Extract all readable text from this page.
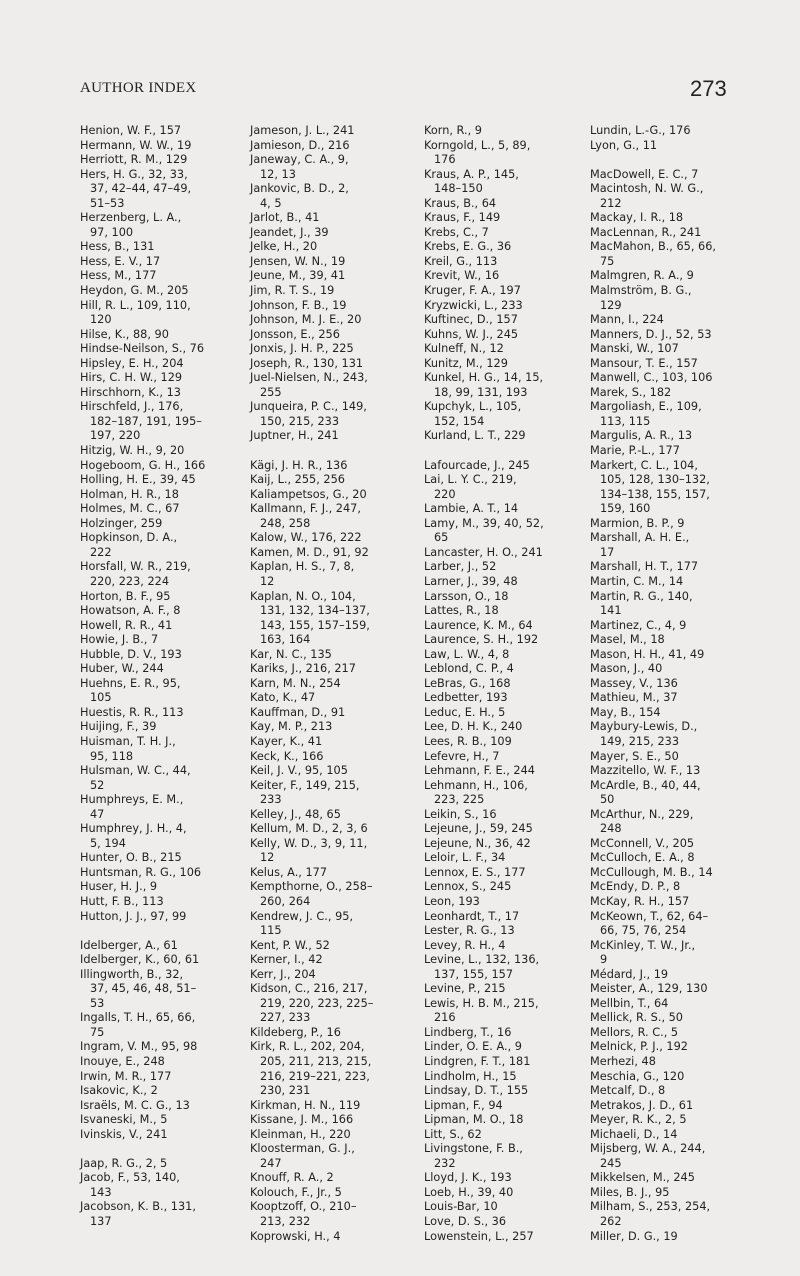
AUTHOR INDEX	273
Henion, W. F., 157
Hermann, W. W., 19
Herriott, R. M., 129
Hers, H. G., 32, 33,
37, 42–44, 47–49,
51–53
Herzenberg, L. A.,
97, 100
Hess, B., 131
Hess, E. V., 17
Hess, M., 177
Heydon, G. M., 205
Hill, R. L., 109, 110,
120
Hilse, K., 88, 90
Hindse-Neilson, S., 76
Hipsley, E. H., 204
Hirs, C. H. W., 129
Hirschhorn, K., 13
Hirschfeld, J., 176,
182–187, 191, 195–
197, 220
Hitzig, W. H., 9, 20
Hogeboom, G. H., 166
Holling, H. E., 39, 45
Holman, H. R., 18
Holmes, M. C., 67
Holzinger, 259
Hopkinson, D. A.,
222
Horsfall, W. R., 219,
220, 223, 224
Horton, B. F., 95
Howatson, A. F., 8
Howell, R. R., 41
Howie, J. B., 7
Hubble, D. V., 193
Huber, W., 244
Huehns, E. R., 95,
105
Huestis, R. R., 113
Huijing, F., 39
Huisman, T. H. J.,
95, 118
Hulsman, W. C., 44,
52
Humphreys, E. M.,
47
Humphrey, J. H., 4,
5, 194
Hunter, O. B., 215
Huntsman, R. G., 106
Huser, H. J., 9
Hutt, F. B., 113
Hutton, J. J., 97, 99
Idelberger, A., 61
Idelberger, K., 60, 61
Illingworth, B., 32,
37, 45, 46, 48, 51–
53
Ingalls, T. H., 65, 66,
75
Ingram, V. M., 95, 98
Inouye, E., 248
Irwin, M. R., 177
Isakovic, K., 2
Israëls, M. C. G., 13
Isvaneski, M., 5
Ivinskis, V., 241
Jaap, R. G., 2, 5
Jacob, F., 53, 140,
143
Jacobson, K. B., 131,
137
Jameson, J. L., 241
Jamieson, D., 216
Janeway, C. A., 9,
12, 13
Jankovic, B. D., 2,
4, 5
Jarlot, B., 41
Jeandet, J., 39
Jelke, H., 20
Jensen, W. N., 19
Jeune, M., 39, 41
Jim, R. T. S., 19
Johnson, F. B., 19
Johnson, M. J. E., 20
Jonsson, E., 256
Jonxis, J. H. P., 225
Joseph, R., 130, 131
Juel-Nielsen, N., 243,
255
Junqueira, P. C., 149,
150, 215, 233
Juptner, H., 241
Kägi, J. H. R., 136
Kaij, L., 255, 256
Kaliampetsos, G., 20
Kallmann, F. J., 247,
248, 258
Kalow, W., 176, 222
Kamen, M. D., 91, 92
Kaplan, H. S., 7, 8,
12
Kaplan, N. O., 104,
131, 132, 134–137,
143, 155, 157–159,
163, 164
Kar, N. C., 135
Kariks, J., 216, 217
Karn, M. N., 254
Kato, K., 47
Kauffman, D., 91
Kay, M. P., 213
Kayer, K., 41
Keck, K., 166
Keil, J. V., 95, 105
Keiter, F., 149, 215,
233
Kelley, J., 48, 65
Kellum, M. D., 2, 3, 6
Kelly, W. D., 3, 9, 11,
12
Kelus, A., 177
Kempthorne, O., 258–
260, 264
Kendrew, J. C., 95,
115
Kent, P. W., 52
Kerner, I., 42
Kerr, J., 204
Kidson, C., 216, 217,
219, 220, 223, 225–
227, 233
Kildeberg, P., 16
Kirk, R. L., 202, 204,
205, 211, 213, 215,
216, 219–221, 223,
230, 231
Kirkman, H. N., 119
Kissane, J. M., 166
Kleinman, H., 220
Kloosterman, G. J.,
247
Knouff, R. A., 2
Kolouch, F., Jr., 5
Kooptzoff, O., 210–
213, 232
Koprowski, H., 4
Korn, R., 9
Korngold, L., 5, 89,
176
Kraus, A. P., 145,
148–150
Kraus, B., 64
Kraus, F., 149
Krebs, C., 7
Krebs, E. G., 36
Kreil, G., 113
Krevit, W., 16
Kruger, F. A., 197
Kryzwicki, L., 233
Kuftinec, D., 157
Kuhns, W. J., 245
Kulneff, N., 12
Kunitz, M., 129
Kunkel, H. G., 14, 15,
18, 99, 131, 193
Kupchyk, L., 105,
152, 154
Kurland, L. T., 229
Lafourcade, J., 245
Lai, L. Y. C., 219,
220
Lambie, A. T., 14
Lamy, M., 39, 40, 52,
65
Lancaster, H. O., 241
Larber, J., 52
Larner, J., 39, 48
Larsson, O., 18
Lattes, R., 18
Laurence, K. M., 64
Laurence, S. H., 192
Law, L. W., 4, 8
Leblond, C. P., 4
LeBras, G., 168
Ledbetter, 193
Leduc, E. H., 5
Lee, D. H. K., 240
Lees, R. B., 109
Lefevre, H., 7
Lehmann, F. E., 244
Lehmann, H., 106,
223, 225
Leikin, S., 16
Lejeune, J., 59, 245
Lejeune, N., 36, 42
Leloir, L. F., 34
Lennox, E. S., 177
Lennox, S., 245
Leon, 193
Leonhardt, T., 17
Lester, R. G., 13
Levey, R. H., 4
Levine, L., 132, 136,
137, 155, 157
Levine, P., 215
Lewis, H. B. M., 215,
216
Lindberg, T., 16
Linder, O. E. A., 9
Lindgren, F. T., 181
Lindholm, H., 15
Lindsay, D. T., 155
Lipman, F., 94
Lipman, M. O., 18
Litt, S., 62
Livingstone, F. B.,
232
Lloyd, J. K., 193
Loeb, H., 39, 40
Louis-Bar, 10
Love, D. S., 36
Lowenstein, L., 257
Lundin, L.-G., 176
Lyon, G., 11
MacDowell, E. C., 7
Macintosh, N. W. G.,
212
Mackay, I. R., 18
MacLennan, R., 241
MacMahon, B., 65, 66,
75
Malmgren, R. A., 9
Malmström, B. G.,
129
Mann, I., 224
Manners, D. J., 52, 53
Manski, W., 107
Mansour, T. E., 157
Manwell, C., 103, 106
Marek, S., 182
Margoliash, E., 109,
113, 115
Margulis, A. R., 13
Marie, P.-L., 177
Markert, C. L., 104,
105, 128, 130–132,
134–138, 155, 157,
159, 160
Marmion, B. P., 9
Marshall, A. H. E.,
17
Marshall, H. T., 177
Martin, C. M., 14
Martin, R. G., 140,
141
Martinez, C., 4, 9
Masel, M., 18
Mason, H. H., 41, 49
Mason, J., 40
Massey, V., 136
Mathieu, M., 37
May, B., 154
Maybury-Lewis, D.,
149, 215, 233
Mayer, S. E., 50
Mazzitello, W. F., 13
McArdle, B., 40, 44,
50
McArthur, N., 229,
248
McConnell, V., 205
McCulloch, E. A., 8
McCullough, M. B., 14
McEndy, D. P., 8
McKay, R. H., 157
McKeown, T., 62, 64–
66, 75, 76, 254
McKinley, T. W., Jr.,
9
Médard, J., 19
Meister, A., 129, 130
Mellbin, T., 64
Mellick, R. S., 50
Mellors, R. C., 5
Melnick, P. J., 192
Merhezi, 48
Meschia, G., 120
Metcalf, D., 8
Metrakos, J. D., 61
Meyer, R. K., 2, 5
Michaeli, D., 14
Mijsberg, W. A., 244,
245
Mikkelsen, M., 245
Miles, B. J., 95
Milham, S., 253, 254,
262
Miller, D. G., 19
